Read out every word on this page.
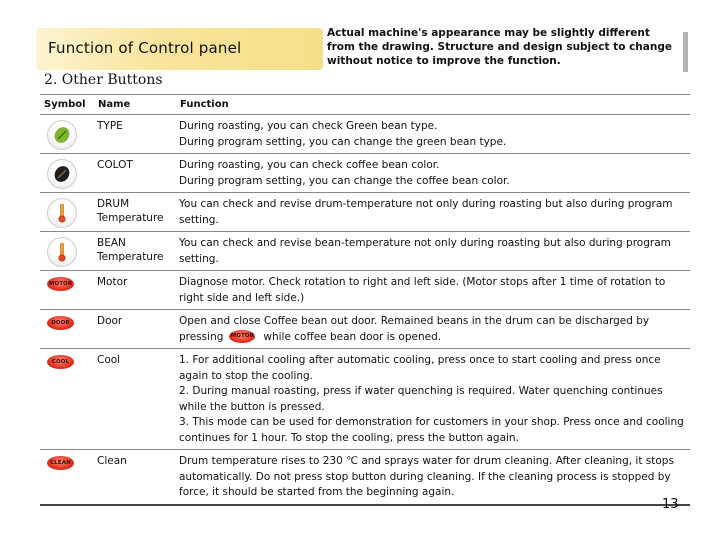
Function of Control panel
Actual machine's appearance may be slightly different from the drawing. Structure and design subject to change without notice to improve the function.
2. Other Buttons
Symbol	Name	Function

	TYPE	During roasting, you can check Green bean type.
During program setting, you can change the green bean type.

	COLOT	During roasting, you can check coffee bean color.
During program setting, you can change the coffee bean color.

	DRUM Temperature	You can check and revise drum-temperature not only during roasting but also during program setting.

	BEAN Temperature	You can check and revise bean-temperature not only during roasting but also during program setting.

MOTOR	Motor	Diagnose motor. Check rotation to right and left side. (Motor stops after 1 time of rotation to right side and left side.)

DOOR	Door	Open and close Coffee bean out door. Remained beans in the drum can be discharged by pressing MOTOR while coffee bean door is opened.

COOL	Cool	1. For additional cooling after automatic cooling, press once to start cooling and press once again to stop the cooling.
2. During manual roasting, press if water quenching is required. Water quenching continues while the button is pressed.
3. This mode can be used for demonstration for customers in your shop. Press once and cooling continues for 1 hour. To stop the cooling, press the button again.

CLEAN	Clean	Drum temperature rises to 230 ℃ and sprays water for drum cleaning. After cleaning, it stops automatically. Do not press stop button during cleaning. If the cleaning process is stopped by force, it should be started from the beginning again.
13
